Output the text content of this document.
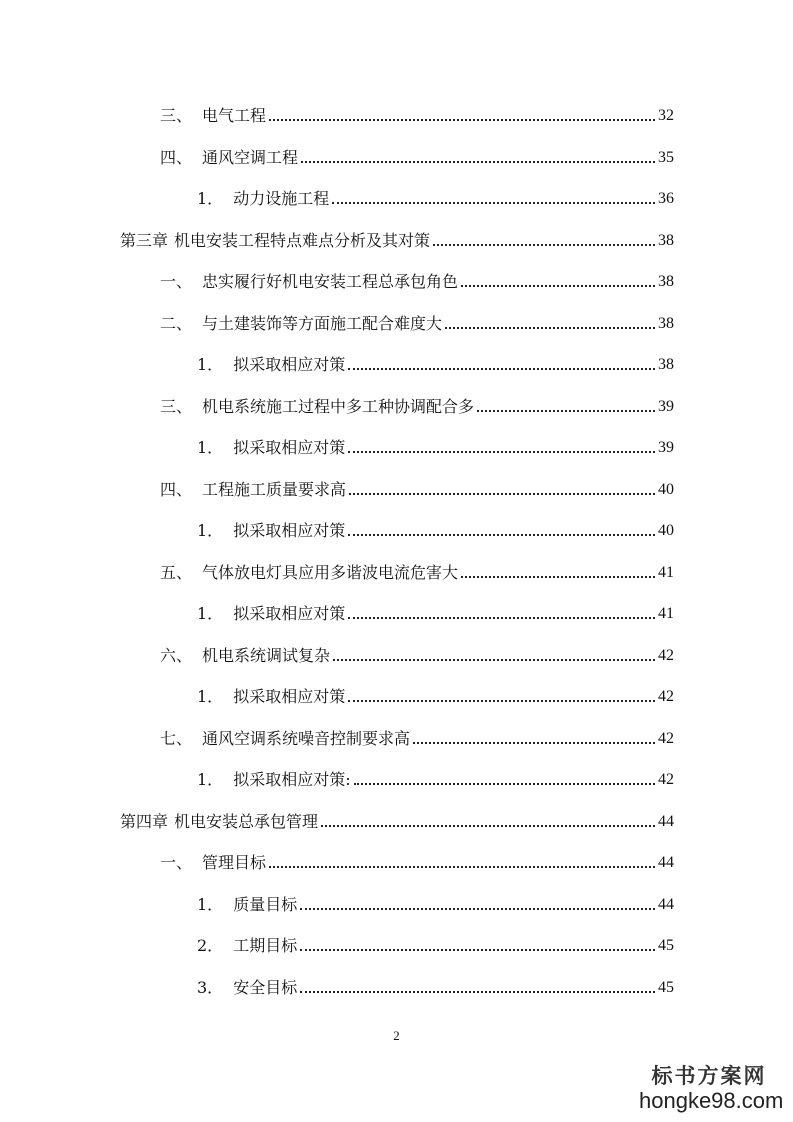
三、 电气工程	32
四、 通风空调工程	35
1． 动力设施工程	36
第三章 机电安装工程特点难点分析及其对策	38
一、 忠实履行好机电安装工程总承包角色	38
二、 与土建装饰等方面施工配合难度大	38
1． 拟采取相应对策	38
三、 机电系统施工过程中多工种协调配合多	39
1． 拟采取相应对策	39
四、 工程施工质量要求高	40
1． 拟采取相应对策	40
五、 气体放电灯具应用多谐波电流危害大	41
1． 拟采取相应对策	41
六、 机电系统调试复杂	42
1． 拟采取相应对策	42
七、 通风空调系统噪音控制要求高	42
1． 拟采取相应对策:	42
第四章 机电安装总承包管理	44
一、 管理目标	44
1． 质量目标	44
2． 工期目标	45
3． 安全目标	45
2
标书方案网
hongke98.com
